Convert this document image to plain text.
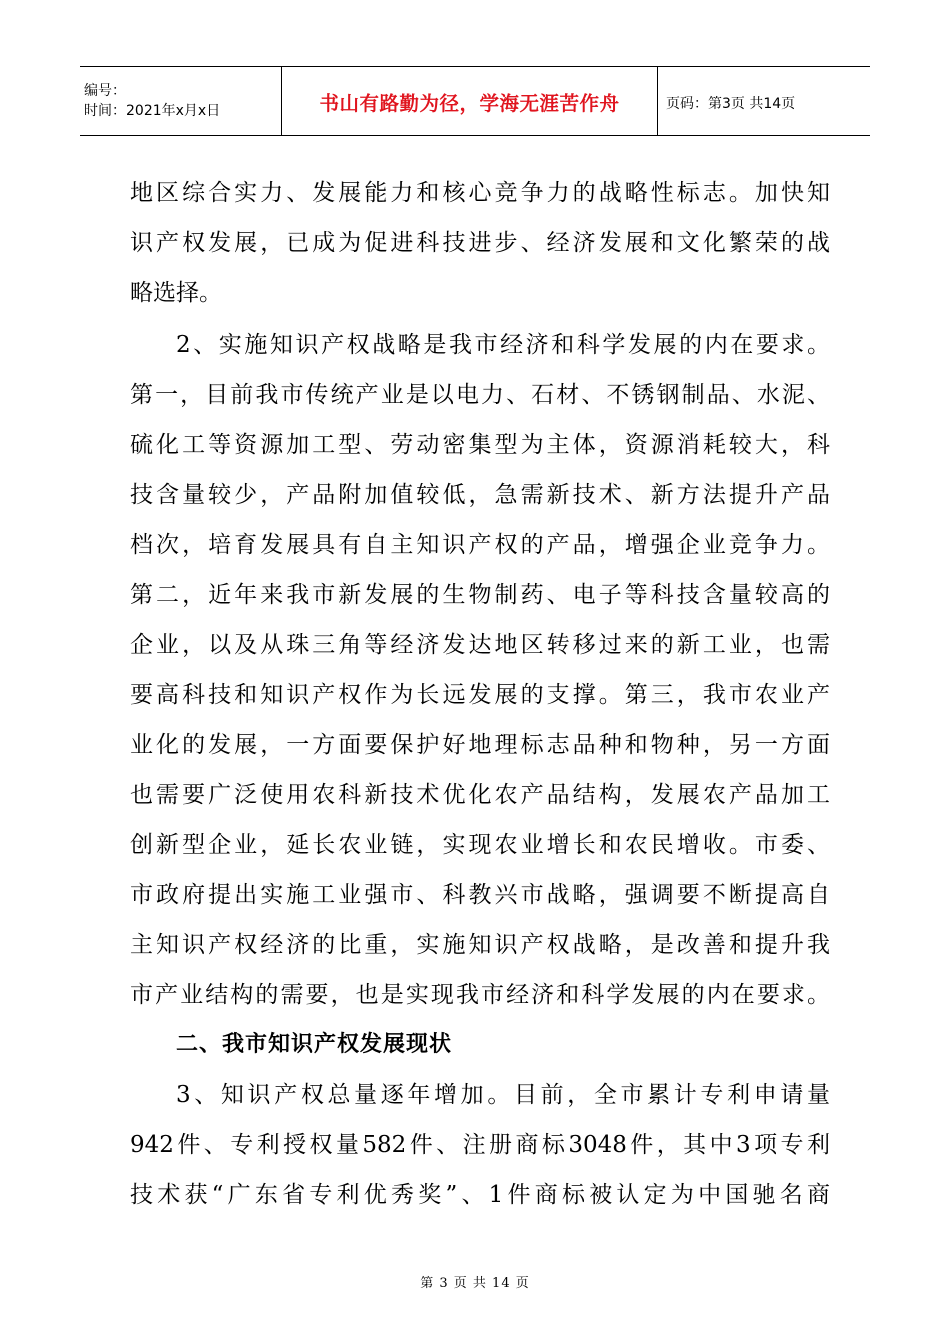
编号：
时间：2021年x月x日	书山有路勤为径，学海无涯苦作舟	页码：第3页 共14页
地区综合实力、发展能力和核心竞争力的战略性标志。加快知
识产权发展，已成为促进科技进步、经济发展和文化繁荣的战
略选择。
2、实施知识产权战略是我市经济和科学发展的内在要求。
第一，目前我市传统产业是以电力、石材、不锈钢制品、水泥、
硫化工等资源加工型、劳动密集型为主体，资源消耗较大，科
技含量较少，产品附加值较低，急需新技术、新方法提升产品
档次，培育发展具有自主知识产权的产品，增强企业竞争力。
第二，近年来我市新发展的生物制药、电子等科技含量较高的
企业，以及从珠三角等经济发达地区转移过来的新工业，也需
要高科技和知识产权作为长远发展的支撑。第三，我市农业产
业化的发展，一方面要保护好地理标志品种和物种，另一方面
也需要广泛使用农科新技术优化农产品结构，发展农产品加工
创新型企业，延长农业链，实现农业增长和农民增收。市委、
市政府提出实施工业强市、科教兴市战略，强调要不断提高自
主知识产权经济的比重，实施知识产权战略，是改善和提升我
市产业结构的需要，也是实现我市经济和科学发展的内在要求。
二、我市知识产权发展现状
3、知识产权总量逐年增加。目前，全市累计专利申请量
942件、专利授权量582件、注册商标3048件，其中3项专利
技术获“广东省专利优秀奖”、1件商标被认定为中国驰名商
第 3 页 共 14 页
